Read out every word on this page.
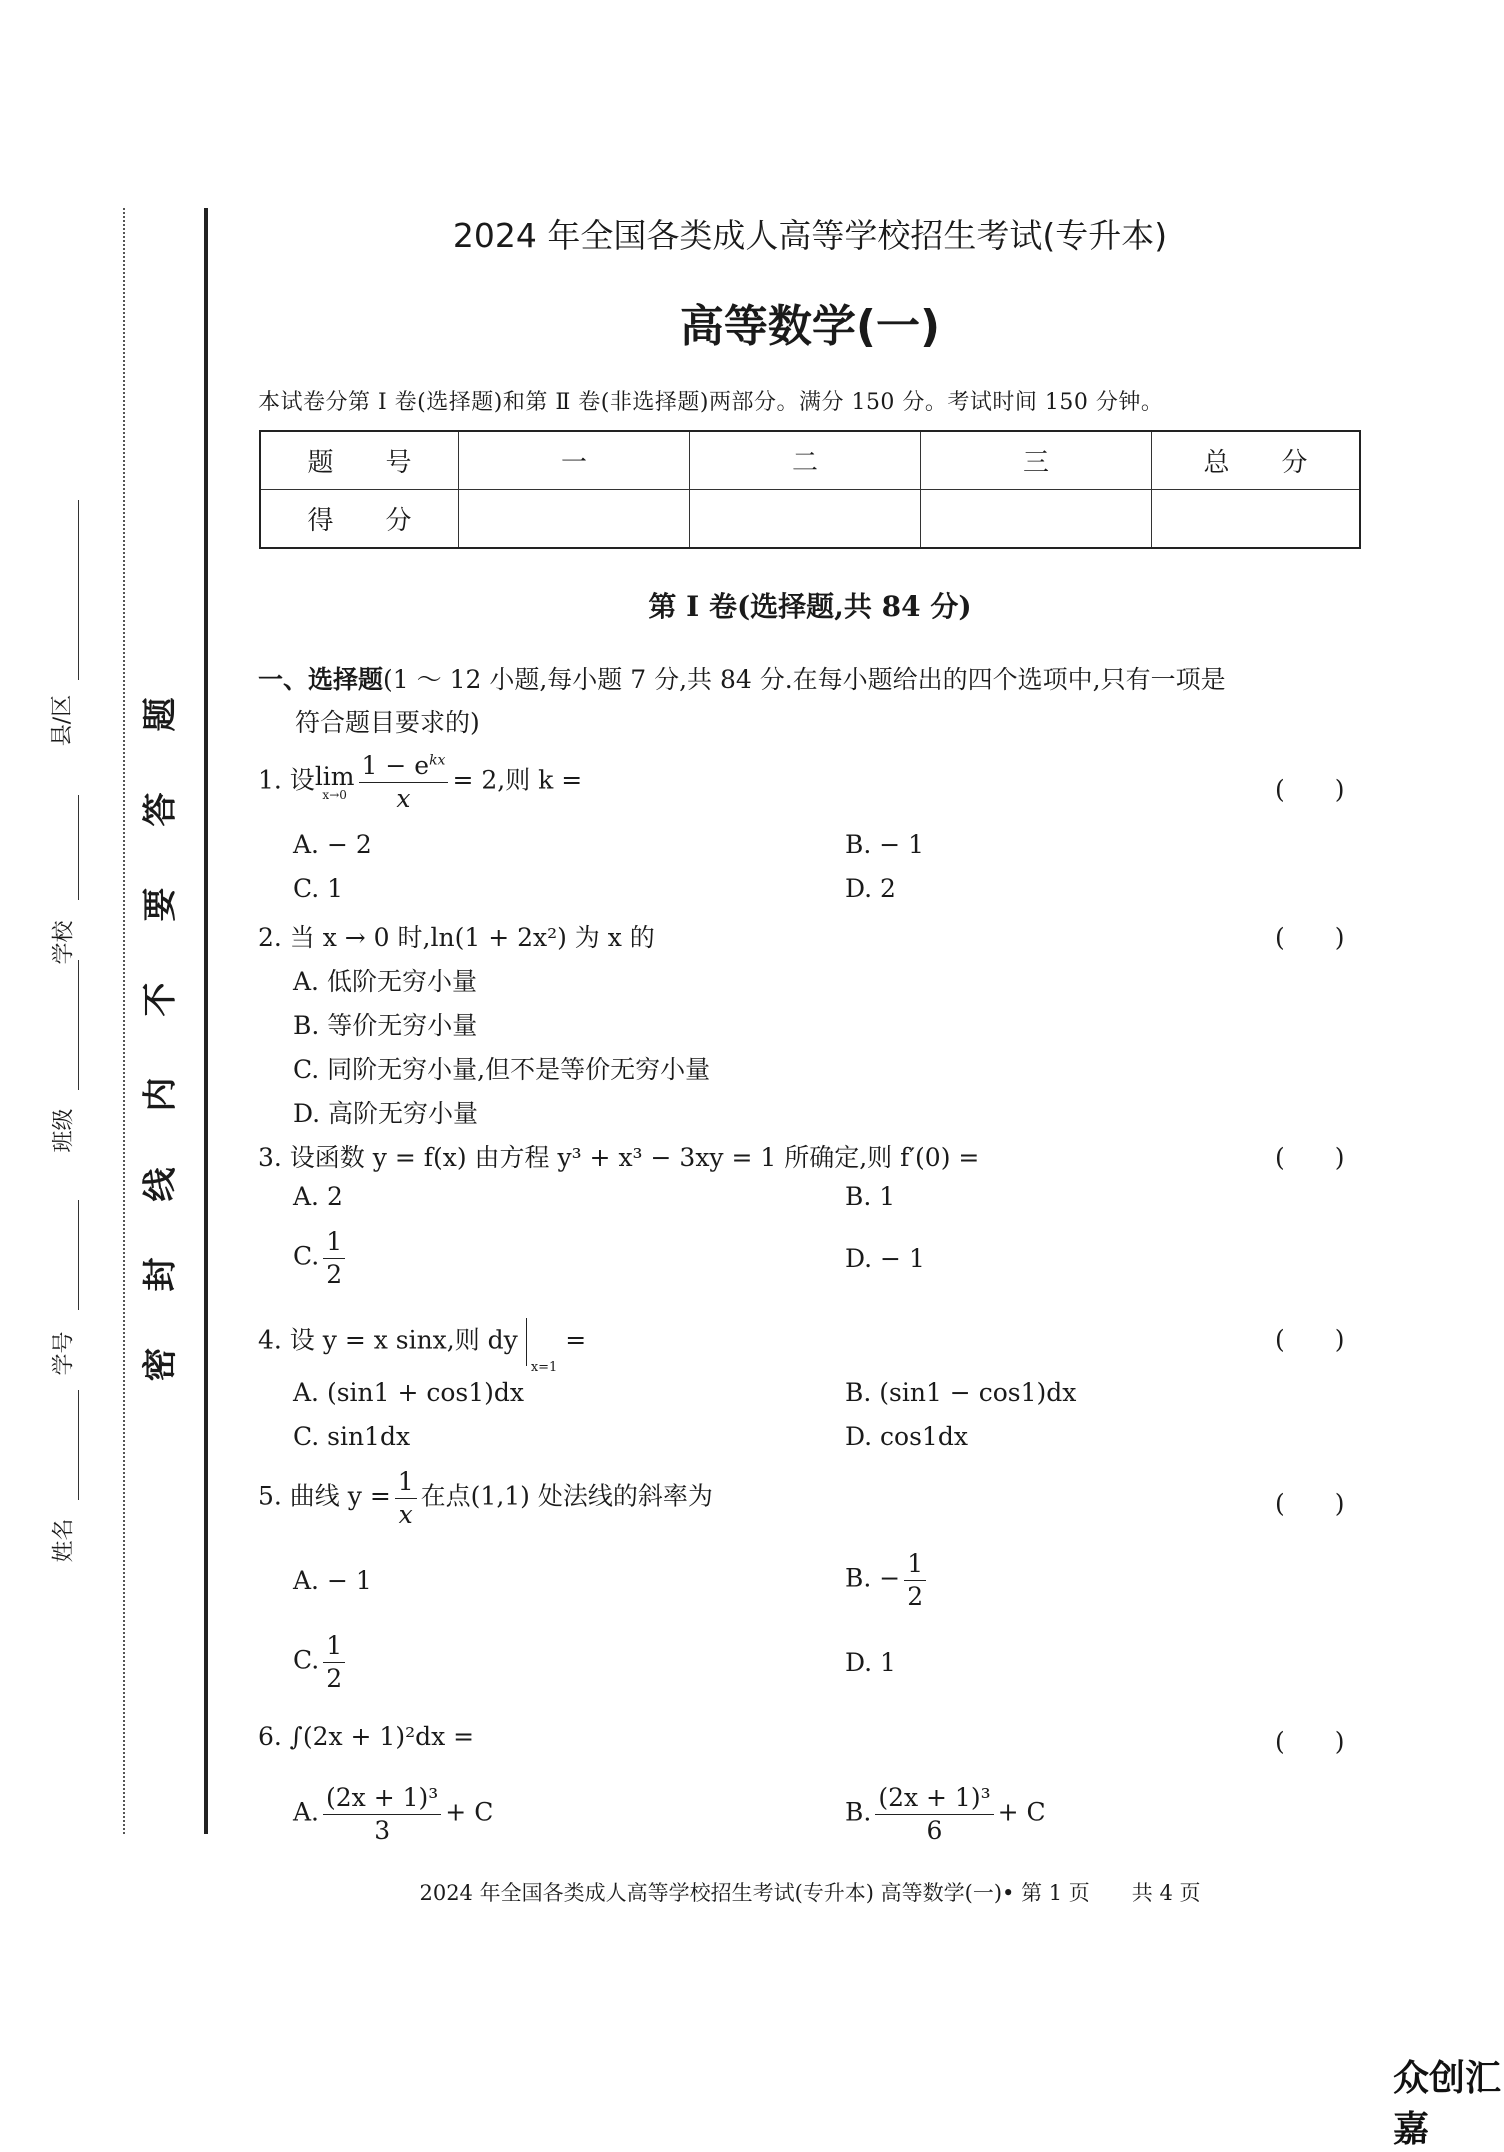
姓名
学号
班级
学校
县/区
密
封
线
内
不
要
答
题
2024 年全国各类成人高等学校招生考试(专升本)
高等数学(一)
本试卷分第 Ⅰ 卷(选择题)和第 Ⅱ 卷(非选择题)两部分。满分 150 分。考试时间 150 分钟。
题　　号	一	二	三	总　　分
得　　分				
第 Ⅰ 卷(选择题,共 84 分)
一、选择题(1 ～ 12 小题,每小题 7 分,共 84 分.在每小题给出的四个选项中,只有一项是
符合题目要求的)
1. 设 lim
$x\to 0 \frac{1 - e^{kx}}{x} = 2$,则 k =	(　　)
A. − 2	B. − 1
C. 1	D. 2
2. 当 x → 0 时,ln(1 + 2x²) 为 x 的	(　　)
A. 低阶无穷小量
B. 等价无穷小量
C. 同阶无穷小量,但不是等价无穷小量
D. 高阶无穷小量
3. 设函数 y = f(x) 由方程 y³ + x³ − 3xy = 1 所确定,则 f′(0) =	(　　)
A. 2	B. 1
C. $\frac{1}{2}$	D. − 1
4. 设 y = x sinx,则 $dy_{x=1}$ =	(　　)
A. (sin1 + cos1)dx	B. (sin1 − cos1)dx
C. sin1dx	D. cos1dx
5. 曲线 $y = \frac{1}{x}$ 在点(1,1) 处法线的斜率为	(　　)
A. − 1	B. − $\frac{1}{2}$
C. $\frac{1}{2}$	D. 1
6. ∫(2x + 1)²dx =	(　　)
A. $\frac{\text{(2x + 1)³}}{3} + C$	B. $\frac{\text{(2x + 1)³}}{6} + C$
2024 年全国各类成人高等学校招生考试(专升本) 高等数学(一)• 第 1 页　　共 4 页
众创汇嘉
